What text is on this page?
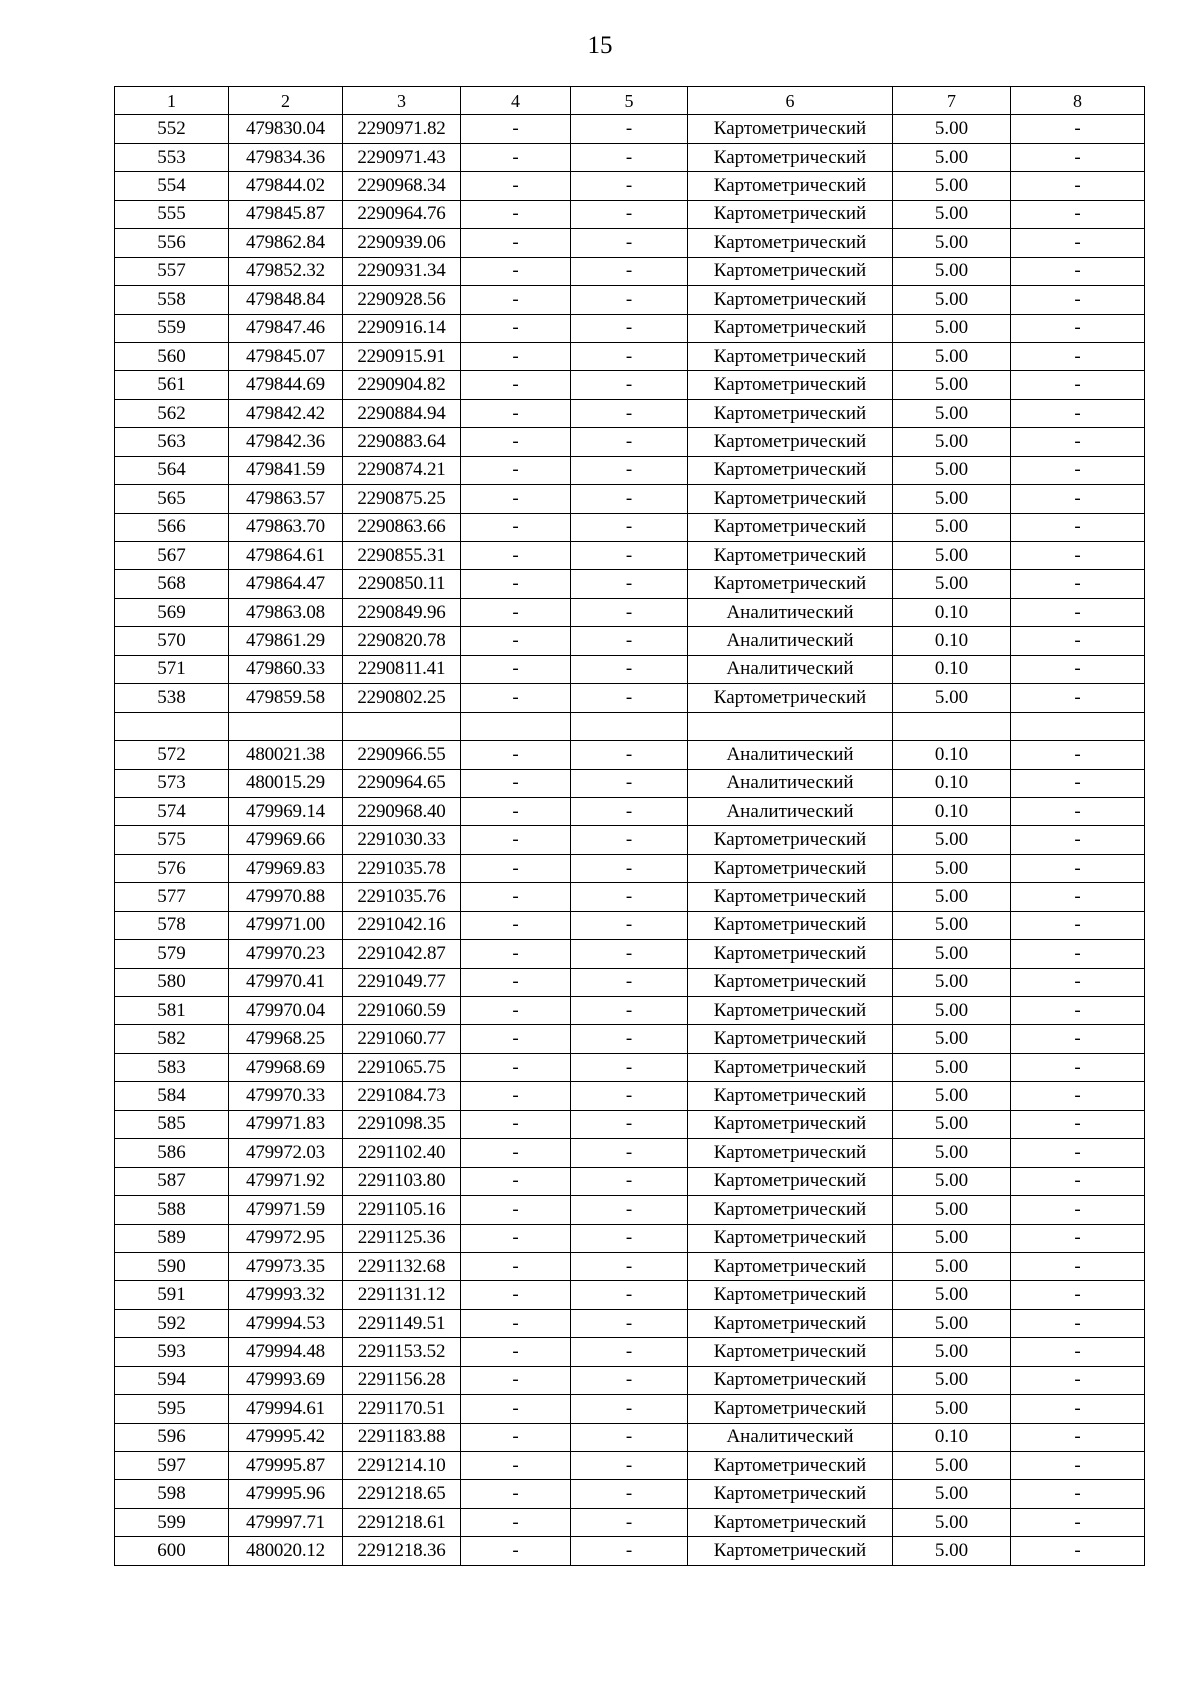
15
1	2	3	4	5	6	7	8
552	479830.04	2290971.82	-	-	Картометрический	5.00	-
553	479834.36	2290971.43	-	-	Картометрический	5.00	-
554	479844.02	2290968.34	-	-	Картометрический	5.00	-
555	479845.87	2290964.76	-	-	Картометрический	5.00	-
556	479862.84	2290939.06	-	-	Картометрический	5.00	-
557	479852.32	2290931.34	-	-	Картометрический	5.00	-
558	479848.84	2290928.56	-	-	Картометрический	5.00	-
559	479847.46	2290916.14	-	-	Картометрический	5.00	-
560	479845.07	2290915.91	-	-	Картометрический	5.00	-
561	479844.69	2290904.82	-	-	Картометрический	5.00	-
562	479842.42	2290884.94	-	-	Картометрический	5.00	-
563	479842.36	2290883.64	-	-	Картометрический	5.00	-
564	479841.59	2290874.21	-	-	Картометрический	5.00	-
565	479863.57	2290875.25	-	-	Картометрический	5.00	-
566	479863.70	2290863.66	-	-	Картометрический	5.00	-
567	479864.61	2290855.31	-	-	Картометрический	5.00	-
568	479864.47	2290850.11	-	-	Картометрический	5.00	-
569	479863.08	2290849.96	-	-	Аналитический	0.10	-
570	479861.29	2290820.78	-	-	Аналитический	0.10	-
571	479860.33	2290811.41	-	-	Аналитический	0.10	-
538	479859.58	2290802.25	-	-	Картометрический	5.00	-

572	480021.38	2290966.55	-	-	Аналитический	0.10	-
573	480015.29	2290964.65	-	-	Аналитический	0.10	-
574	479969.14	2290968.40	-	-	Аналитический	0.10	-
575	479969.66	2291030.33	-	-	Картометрический	5.00	-
576	479969.83	2291035.78	-	-	Картометрический	5.00	-
577	479970.88	2291035.76	-	-	Картометрический	5.00	-
578	479971.00	2291042.16	-	-	Картометрический	5.00	-
579	479970.23	2291042.87	-	-	Картометрический	5.00	-
580	479970.41	2291049.77	-	-	Картометрический	5.00	-
581	479970.04	2291060.59	-	-	Картометрический	5.00	-
582	479968.25	2291060.77	-	-	Картометрический	5.00	-
583	479968.69	2291065.75	-	-	Картометрический	5.00	-
584	479970.33	2291084.73	-	-	Картометрический	5.00	-
585	479971.83	2291098.35	-	-	Картометрический	5.00	-
586	479972.03	2291102.40	-	-	Картометрический	5.00	-
587	479971.92	2291103.80	-	-	Картометрический	5.00	-
588	479971.59	2291105.16	-	-	Картометрический	5.00	-
589	479972.95	2291125.36	-	-	Картометрический	5.00	-
590	479973.35	2291132.68	-	-	Картометрический	5.00	-
591	479993.32	2291131.12	-	-	Картометрический	5.00	-
592	479994.53	2291149.51	-	-	Картометрический	5.00	-
593	479994.48	2291153.52	-	-	Картометрический	5.00	-
594	479993.69	2291156.28	-	-	Картометрический	5.00	-
595	479994.61	2291170.51	-	-	Картометрический	5.00	-
596	479995.42	2291183.88	-	-	Аналитический	0.10	-
597	479995.87	2291214.10	-	-	Картометрический	5.00	-
598	479995.96	2291218.65	-	-	Картометрический	5.00	-
599	479997.71	2291218.61	-	-	Картометрический	5.00	-
600	480020.12	2291218.36	-	-	Картометрический	5.00	-
